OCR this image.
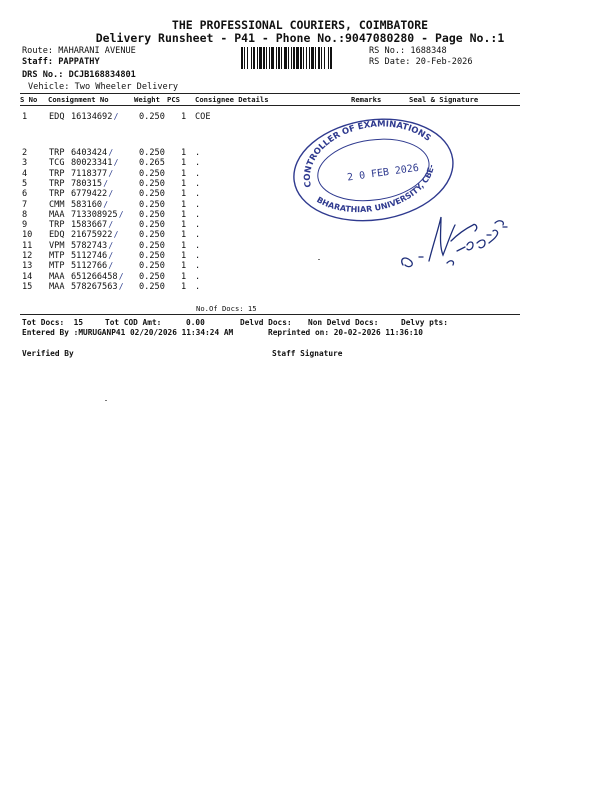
THE PROFESSIONAL COURIERS, COIMBATORE
Delivery Runsheet - P41 - Phone No.:9047080280 - Page No.:1
Route: MAHARANI AVENUE
Staff: PAPPATHY
DRS No.: DCJB168834801
Vehicle: Two Wheeler Delivery
RS No.: 1688348
RS Date: 20-Feb-2026
S No Consignment No	Weight PCS Consignee Details	Remarks	Seal & Signature
1	EDQ 16134692	0.250 1 COE
∕
2	TRP 6403424	0.250 1 .
∕
3	TCG 80023341	0.265 1 .
∕
4	TRP 7118377	0.250 1 .
∕
5	TRP 780315	0.250 1 .
∕
6	TRP 6779422	0.250 1 .
∕
7	CMM 583160	0.250 1 .
∕
8	MAA 713308925 0.250 1 .
∕
9	TRP 1583667	0.250 1 .
∕
10 EDQ 21675922	0.250 1 .
∕
11 VPM 5782743	0.250 1 .
∕
12 MTP 5112746	0.250 1 .
∕
13 MTP 5112766	0.250 1 .
∕
14 MAA 651266458 0.250 1 .
∕
15 MAA 578267563 0.250 1 .
∕
No.Of Docs: 15
Tot Docs: 15	Tot COD Amt:	0.00	Delvd Docs: Non Delvd Docs:	Delvy pts:
Entered By :MURUGANP41 02/20/2026 11:34:24 AM	Reprinted on: 20-02-2026 11:36:10
Verified By	Staff Signature
CONTROLLER OF EXAMINATIONS
BHARATHIAR UNIVERSITY, CBE-46
2 0 FEB 2026
